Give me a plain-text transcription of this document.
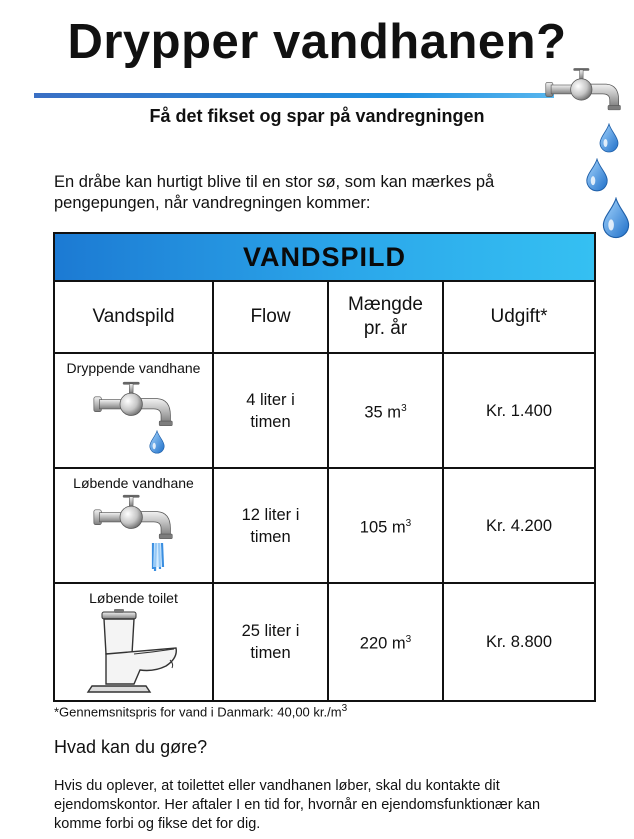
Drypper vandhanen?
Få det fikset og spar på vandregningen
En dråbe kan hurtigt blive til en stor sø, som kan mærkes på pengepungen, når vandregningen kommer:
VANDSPILD			
Vandspild	Flow	Mængde pr. år	Udgift*

Dryppende vandhane	4 liter i timen	35 $m^3$	Kr. 1.400

Løbende vandhane	12 liter i timen	105 $m^3$	Kr. 4.200

Løbende toilet	25 liter i timen	220 $m^3$	Kr. 8.800
*Gennemsnitspris for vand i Danmark: 40,00 $kr./m^3$
Hvad kan du gøre?
Hvis du oplever, at toilettet eller vandhanen løber, skal du kontakte dit ejendomskontor. Her aftaler I en tid for, hvornår en ejendomsfunktionær kan komme forbi og fikse det for dig.
